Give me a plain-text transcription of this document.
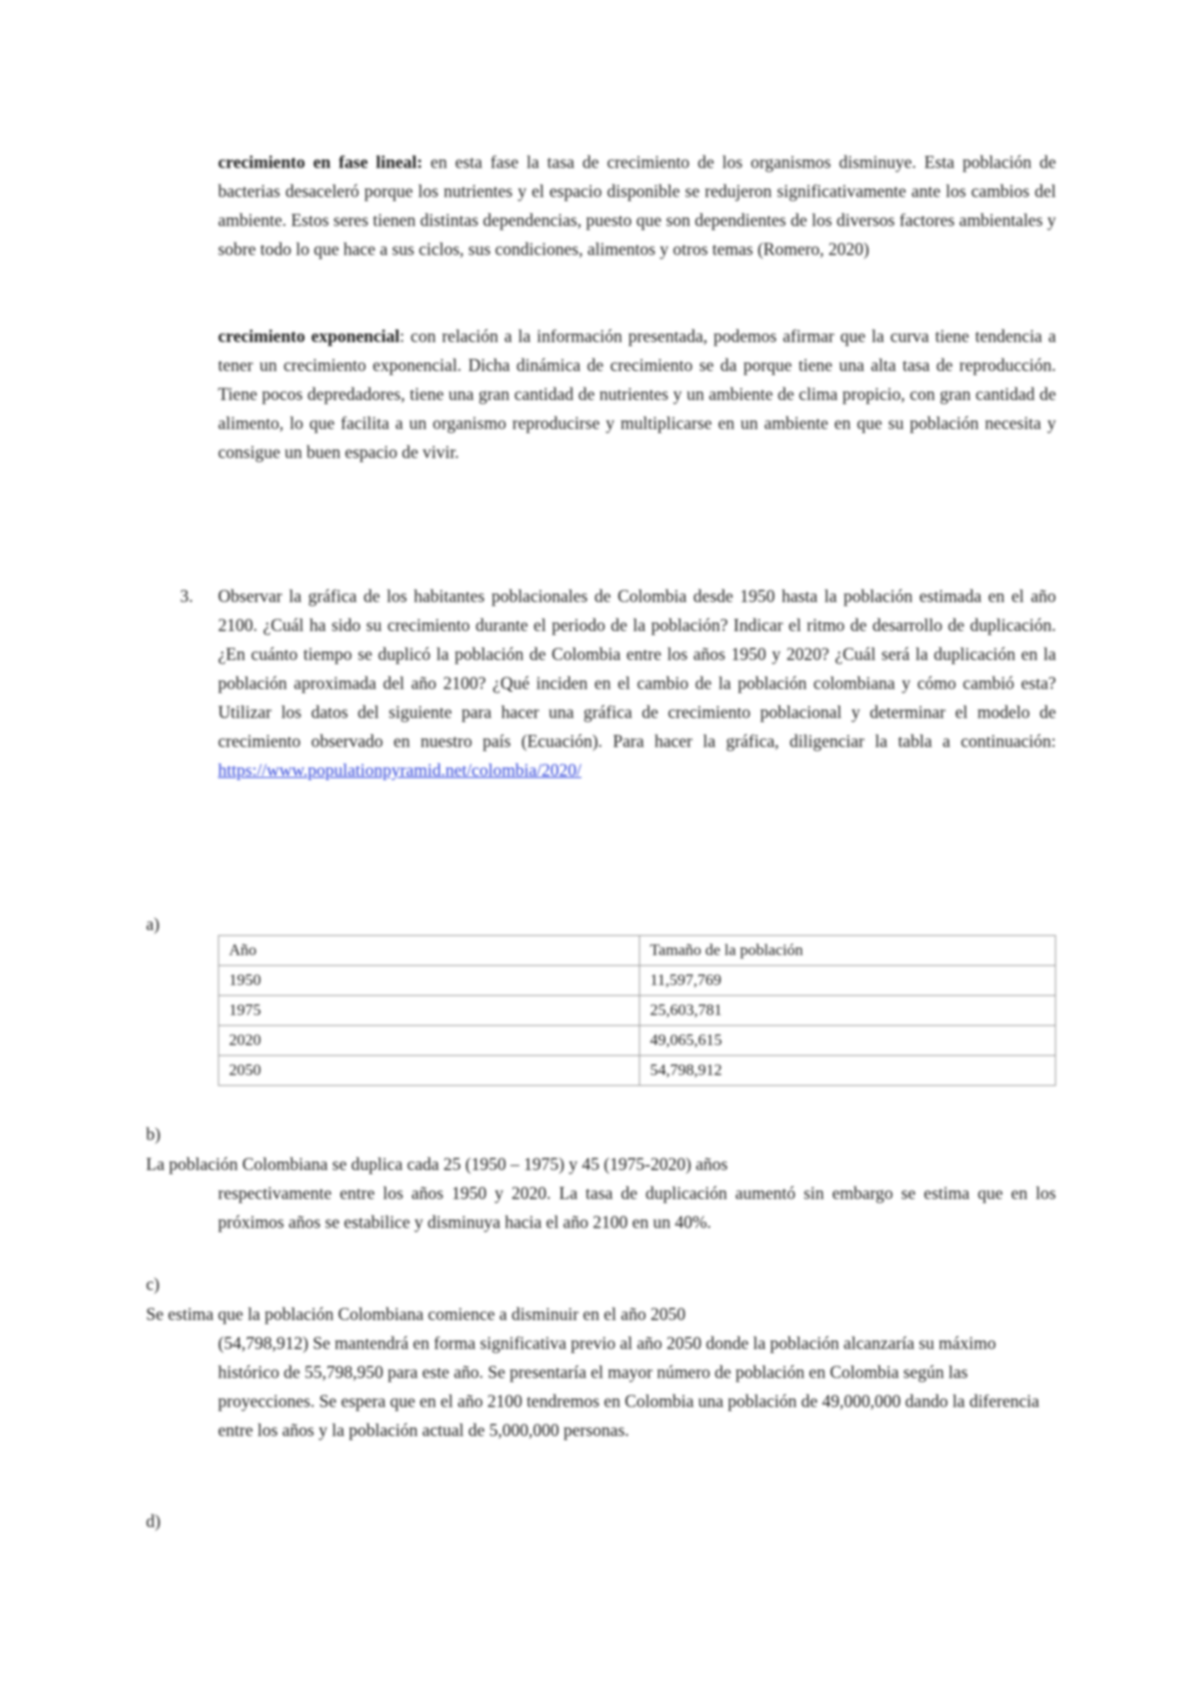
crecimiento en fase lineal: en esta fase la tasa de crecimiento de los organismos disminuye. Esta población de bacterias desaceleró porque los nutrientes y el espacio disponible se redujeron significativamente ante los cambios del ambiente. Estos seres tienen distintas dependencias, puesto que son dependientes de los diversos factores ambientales y sobre todo lo que hace a sus ciclos, sus condiciones, alimentos y otros temas (Romero, 2020)
crecimiento exponencial: con relación a la información presentada, podemos afirmar que la curva tiene tendencia a tener un crecimiento exponencial. Dicha dinámica de crecimiento se da porque tiene una alta tasa de reproducción. Tiene pocos depredadores, tiene una gran cantidad de nutrientes y un ambiente de clima propicio, con gran cantidad de alimento, lo que facilita a un organismo reproducirse y multiplicarse en un ambiente en que su población necesita y consigue un buen espacio de vivir.
3. Observar la gráfica de los habitantes poblacionales de Colombia desde 1950 hasta la población estimada en el año 2100. ¿Cuál ha sido su crecimiento durante el periodo de la población? Indicar el ritmo de desarrollo de duplicación. ¿En cuánto tiempo se duplicó la población de Colombia entre los años 1950 y 2020? ¿Cuál será la duplicación en la población aproximada del año 2100? ¿Qué inciden en el cambio de la población colombiana y cómo cambió esta? Utilizar los datos del siguiente para hacer una gráfica de crecimiento poblacional y determinar el modelo de crecimiento observado en nuestro país (Ecuación). Para hacer la gráfica, diligenciar la tabla a continuación: https://www.populationpyramid.net/colombia/2020/
a)
Año	Tamaño de la población
1950	11,597,769
1975	25,603,781
2020	49,065,615
2050	54,798,912
b)
La población Colombiana se duplica cada 25 (1950 – 1975) y 45 (1975-2020) años
respectivamente entre los años 1950 y 2020. La tasa de duplicación aumentó sin embargo se estima que en los próximos años se estabilice y disminuya hacia el año 2100 en un 40%.
c)
Se estima que la población Colombiana comience a disminuir en el año 2050
(54,798,912) Se mantendrá en forma significativa previo al año 2050 donde la población alcanzaría su máximo histórico de 55,798,950 para este año. Se presentaría el mayor número de población en Colombia según las proyecciones. Se espera que en el año 2100 tendremos en Colombia una población de 49,000,000 dando la diferencia entre los años y la población actual de 5,000,000 personas.
d)
